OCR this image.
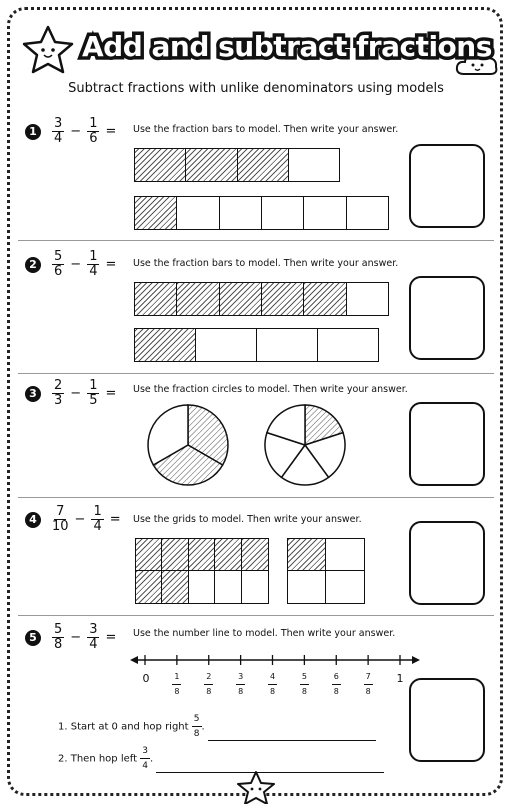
Add and subtract fractions
Subtract fractions with unlike denominators using models
1
3
$4 - \frac{1}{6}$ = Use the fraction bars to model. Then write your answer.
2
5
$6 - \frac{1}{4}$ = Use the fraction bars to model. Then write your answer.
3
2
$3 - \frac{1}{5}$ = Use the fraction circles to model. Then write your answer.
4
7
$10 - \frac{1}{4}$ = Use the grids to model. Then write your answer.
5
5
$8 - \frac{3}{4}$ = Use the number line to model. Then write your answer.
0	$\frac{1}{8}$	$\frac{2}{8}$	$\frac{3}{8}$	$\frac{4}{8}$	$\frac{5}{8}$	$\frac{6}{8}$	$\frac{7}{8}$	1
1. Start at 0 and hop right $\frac{5}{8}$ .
2. Then hop left $\frac{3}{4}$ .
